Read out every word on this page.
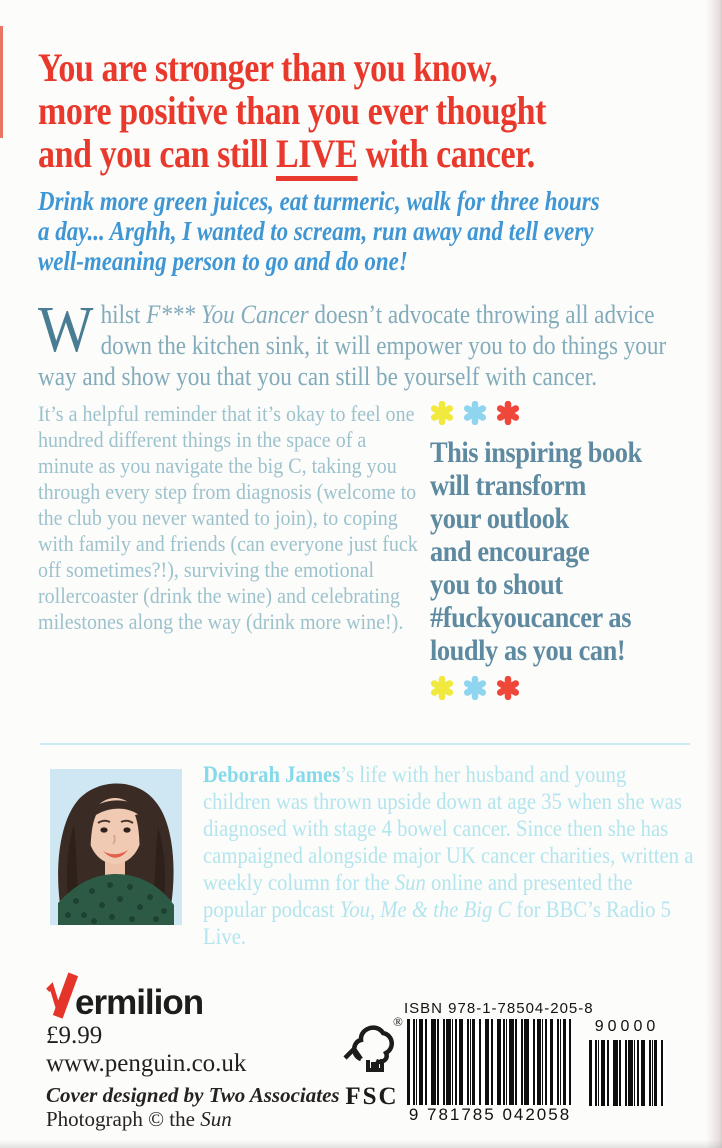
You are stronger than you know,
more positive than you ever thought
and you can still LIVE with cancer.
Drink more green juices, eat turmeric, walk for three hours
a day... Arghh, I wanted to scream, run away and tell every
well-meaning person to go and do one!
Whilst F*** You Cancer doesn’t advocate throwing all advice down the kitchen sink, it will empower you to do things your way and show you that you can still be yourself with cancer.
It’s a helpful reminder that it’s okay to feel one hundred different things in the space of a minute as you navigate the big C, taking you through every step from diagnosis (welcome to the club you never wanted to join), to coping with family and friends (can everyone just fuck off sometimes?!), surviving the emotional rollercoaster (drink the wine) and celebrating milestones along the way (drink more wine!).
This inspiring book
will transform
your outlook
and encourage
you to shout
#fuckyoucancer as
loudly as you can!
Deborah James’s life with her husband and young children was thrown upside down at age 35 when she was diagnosed with stage 4 bowel cancer. Since then she has campaigned alongside major UK cancer charities, written a weekly column for the Sun online and presented the popular podcast You, Me & the Big C for BBC’s Radio 5 Live.
ermilion
£9.99
www.penguin.co.uk
Cover designed by Two Associates
Photograph © the Sun
®
FSC
ISBN 978-1-78504-205-8
9 781785 042058
90000
